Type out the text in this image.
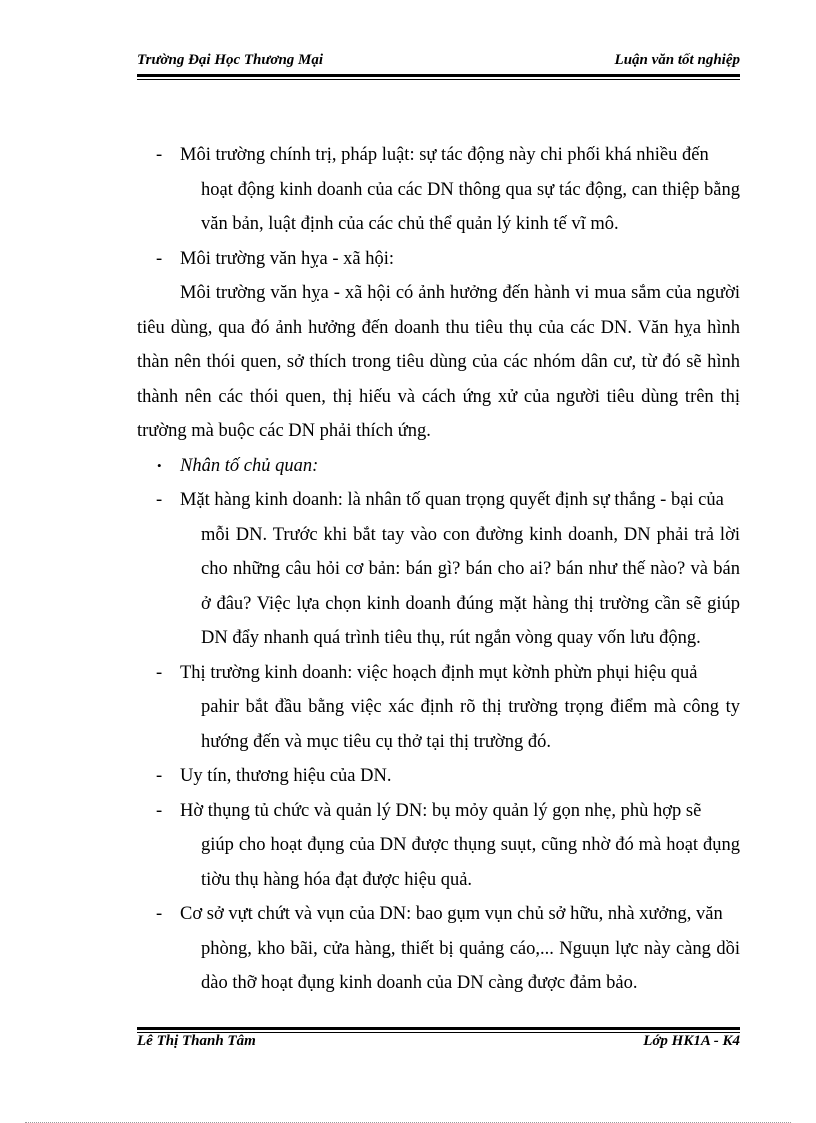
Trường Đại Học Thương Mại	Luận văn tốt nghiệp
- Môi trường chính trị, pháp luật: sự tác động này chi phối khá nhiều đến
hoạt động kinh doanh của các DN thông qua sự tác động, can thiệp bằng văn bản, luật định của các chủ thể quản lý kinh tế vĩ mô.
- Môi trường văn hỵa - xã hội:
Môi trường văn hỵa - xã hội có ảnh hưởng đến hành vi mua sắm của người tiêu dùng, qua đó ảnh hưởng đến doanh thu tiêu thụ của các DN. Văn hỵa hình thàn nên thói quen, sở thích trong tiêu dùng của các nhóm dân cư, từ đó sẽ hình thành nên các thói quen, thị hiếu và cách ứng xử của người tiêu dùng trên thị trường mà buộc các DN phải thích ứng.
• Nhân tố chủ quan:
- Mặt hàng kinh doanh: là nhân tố quan trọng quyết định sự thắng - bại của
mỗi DN. Trước khi bắt tay vào con đường kinh doanh, DN phải trả lời cho những câu hỏi cơ bản: bán gì? bán cho ai? bán như thế nào? và bán ở đâu? Việc lựa chọn kinh doanh đúng mặt hàng thị trường cần sẽ giúp DN đẩy nhanh quá trình tiêu thụ, rút ngắn vòng quay vốn lưu động.
- Thị trường kinh doanh: việc hoạch định mụt kờnh phừn phụi hiệu quả
pahir bắt đầu bằng việc xác định rõ thị trường trọng điểm mà công ty hướng đến và mục tiêu cụ thở tại thị trường đó.
- Uy tín, thương hiệu của DN.
- Hờ thụng tủ chức và quản lý DN: bụ mỏy quản lý gọn nhẹ, phù hợp sẽ
giúp cho hoạt đụng của DN được thụng suụt, cũng nhờ đó mà hoạt đụng tiờu thụ hàng hóa đạt được hiệu quả.
- Cơ sở vựt chứt và vụn của DN: bao gụm vụn chủ sở hữu, nhà xưởng, văn
phòng, kho bãi, cửa hàng, thiết bị quảng cáo,... Nguụn lực này càng dồi dào thỡ hoạt đụng kinh doanh của DN càng được đảm bảo.
Lê Thị Thanh Tâm	Lớp HK1A - K4
